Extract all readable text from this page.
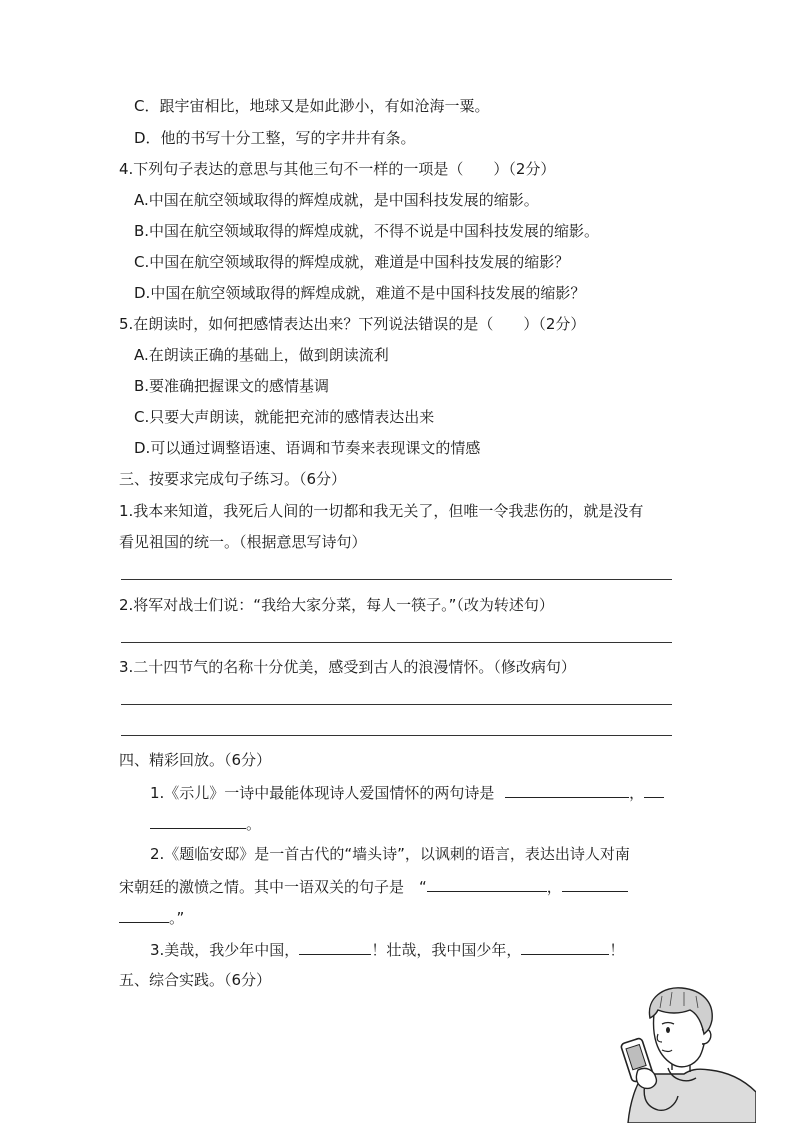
C．跟宇宙相比，地球又是如此渺小，有如沧海一粟。
D．他的书写十分工整，写的字井井有条。
4.下列句子表达的意思与其他三句不一样的一项是（　　）（2分）
A.中国在航空领域取得的辉煌成就，是中国科技发展的缩影。
B.中国在航空领域取得的辉煌成就，不得不说是中国科技发展的缩影。
C.中国在航空领域取得的辉煌成就，难道是中国科技发展的缩影？
D.中国在航空领域取得的辉煌成就，难道不是中国科技发展的缩影？
5.在朗读时，如何把感情表达出来？下列说法错误的是（　　）（2分）
A.在朗读正确的基础上，做到朗读流利
B.要准确把握课文的感情基调
C.只要大声朗读，就能把充沛的感情表达出来
D.可以通过调整语速、语调和节奏来表现课文的情感
三、按要求完成句子练习。（6分）
1.我本来知道，我死后人间的一切都和我无关了，但唯一令我悲伤的，就是没有
看见祖国的统一。（根据意思写诗句）
2.将军对战士们说：“我给大家分菜，每人一筷子。”（改为转述句）
3.二十四节气的名称十分优美，感受到古人的浪漫情怀。（修改病句）
四、精彩回放。（6分）
1.《示儿》一诗中最能体现诗人爱国情怀的两句诗是	，
。
2.《题临安邸》是一首古代的“墙头诗”，以讽刺的语言，表达出诗人对南
宋朝廷的激愤之情。其中一语双关的句子是　“	，
。”
3.美哉，我少年中国，	！壮哉，我中国少年，	！
五、综合实践。（6分）
